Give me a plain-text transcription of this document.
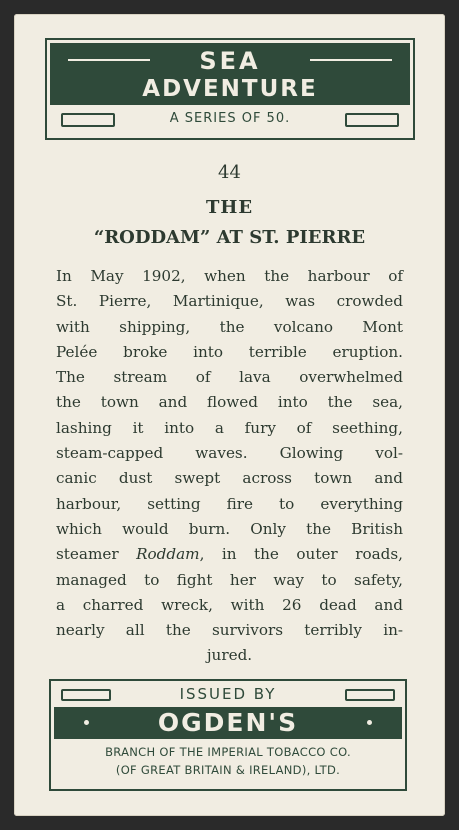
SEA
ADVENTURE
A SERIES OF 50.
44
THE
“RODDAM” AT ST. PIERRE
In May 1902, when the harbour of
St. Pierre, Martinique, was crowded
with shipping, the volcano Mont
Pelée broke into terrible eruption.
The stream of lava overwhelmed
the town and flowed into the sea,
lashing it into a fury of seething,
steam-capped waves. Glowing vol-
canic dust swept across town and
harbour, setting fire to everything
which would burn. Only the British
steamer Roddam, in the outer roads,
managed to fight her way to safety,
a charred wreck, with 26 dead and
nearly all the survivors terribly in-
jured.
ISSUED BY
OGDEN'S
BRANCH OF THE IMPERIAL TOBACCO CO.
(OF GREAT BRITAIN & IRELAND), LTD.
